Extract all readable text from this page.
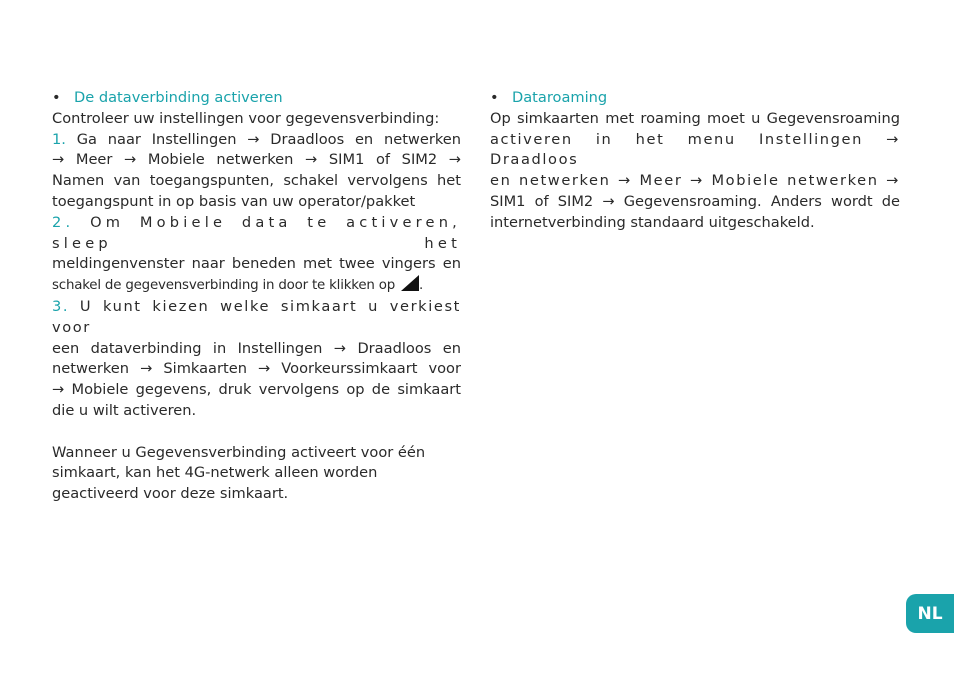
• De dataverbinding activeren
Controleer uw instellingen voor gegevensverbinding:
1. Ga naar Instellingen → Draadloos en netwerken
→ Meer → Mobiele netwerken → SIM1 of SIM2 →
Namen van toegangspunten, schakel vervolgens het
toegangspunt in op basis van uw operator/pakket
2. Om Mobiele data te activeren, sleep het
meldingenvenster naar beneden met twee vingers en
schakel de gegevensverbinding in door te klikken op .
3. U kunt kiezen welke simkaart u verkiest voor
een dataverbinding in Instellingen → Draadloos en
netwerken → Simkaarten → Voorkeurssimkaart voor
→ Mobiele gegevens, druk vervolgens op de simkaart
die u wilt activeren.
Wanneer u Gegevensverbinding activeert voor één
simkaart, kan het 4G-netwerk alleen worden
geactiveerd voor deze simkaart.
• Dataroaming
Op simkaarten met roaming moet u Gegevensroaming
activeren in het menu Instellingen → Draadloos
en netwerken → Meer → Mobiele netwerken →
SIM1 of SIM2 → Gegevensroaming. Anders wordt de
internetverbinding standaard uitgeschakeld.
NL
